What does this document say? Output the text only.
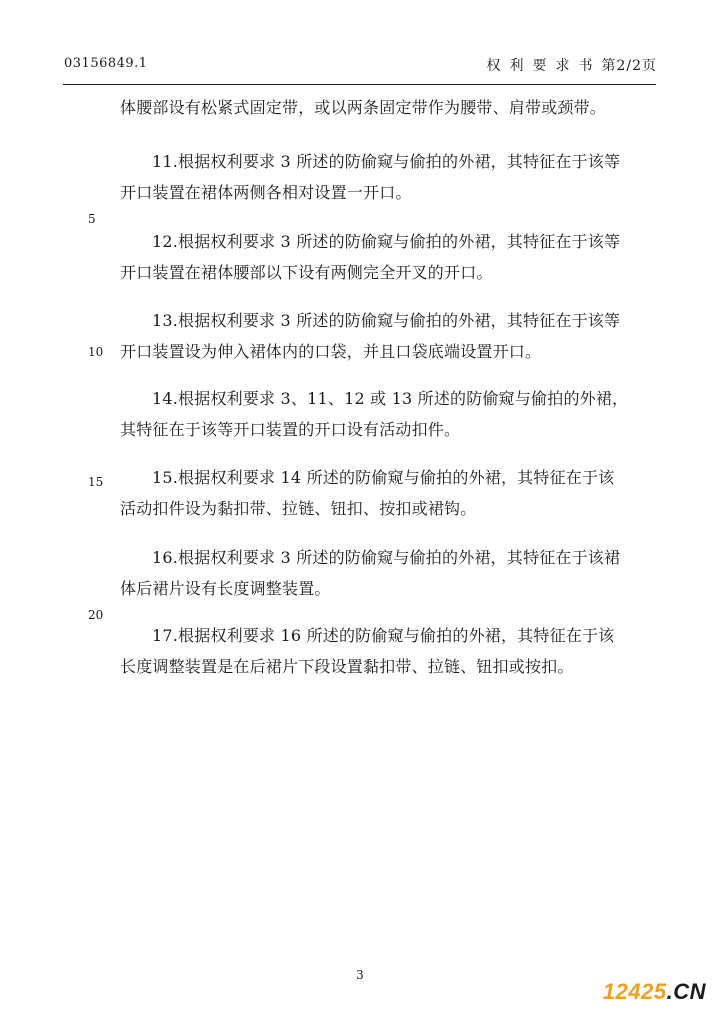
03156849.1	权 利 要 求 书 第2/2页
5
10
15
20
体腰部设有松紧式固定带，或以两条固定带作为腰带、肩带或颈带。
11.根据权利要求 3 所述的防偷窥与偷拍的外裙，其特征在于该等
开口装置在裙体两侧各相对设置一开口。
12.根据权利要求 3 所述的防偷窥与偷拍的外裙，其特征在于该等
开口装置在裙体腰部以下设有两侧完全开叉的开口。
13.根据权利要求 3 所述的防偷窥与偷拍的外裙，其特征在于该等
开口装置设为伸入裙体内的口袋，并且口袋底端设置开口。
14.根据权利要求 3、11、12 或 13 所述的防偷窥与偷拍的外裙，
其特征在于该等开口装置的开口设有活动扣件。
15.根据权利要求 14 所述的防偷窥与偷拍的外裙，其特征在于该
活动扣件设为黏扣带、拉链、钮扣、按扣或裙钩。
16.根据权利要求 3 所述的防偷窥与偷拍的外裙，其特征在于该裙
体后裙片设有长度调整装置。
17.根据权利要求 16 所述的防偷窥与偷拍的外裙，其特征在于该
长度调整装置是在后裙片下段设置黏扣带、拉链、钮扣或按扣。
3
12425.CN
